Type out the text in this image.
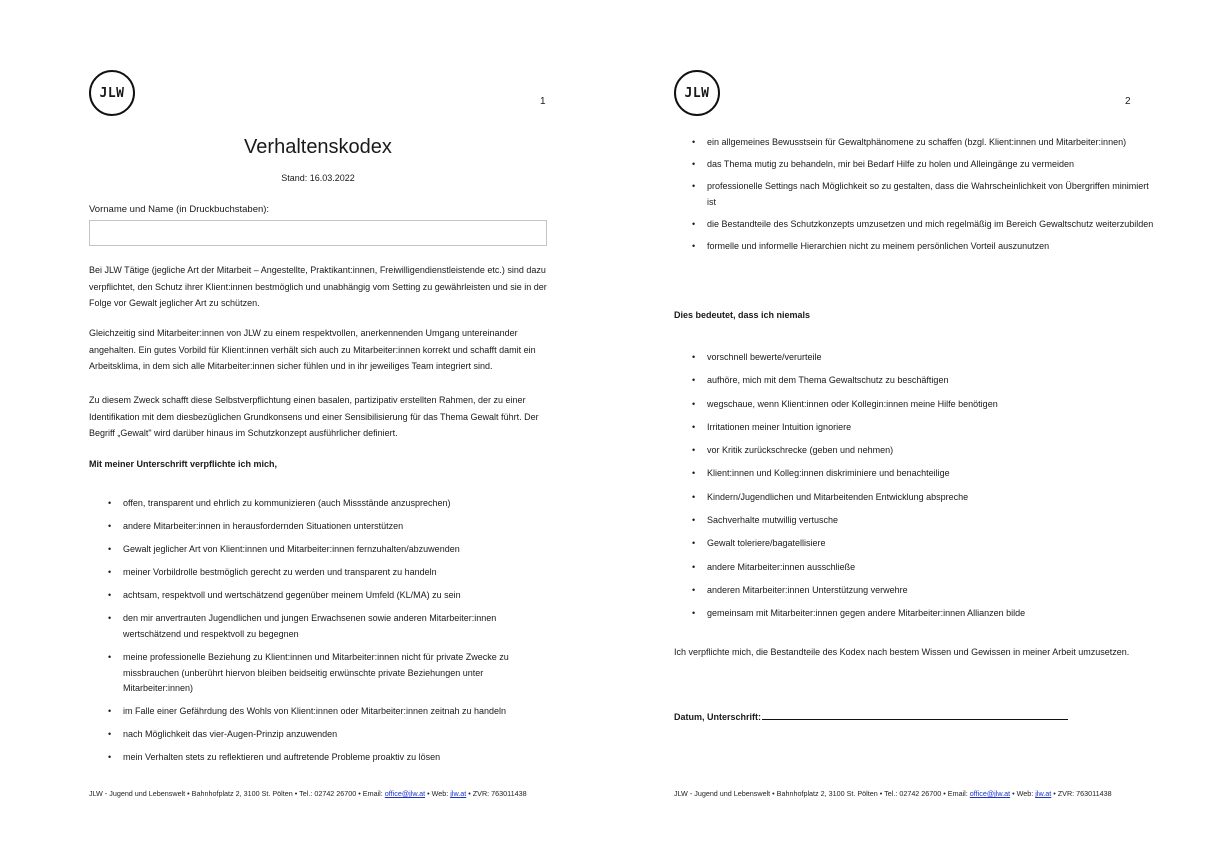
JLW
1
Verhaltenskodex
Stand: 16.03.2022
Vorname und Name (in Druckbuchstaben):

Bei JLW Tätige (jegliche Art der Mitarbeit – Angestellte, Praktikant:innen, Freiwilligendienstleistende etc.) sind dazu verpflichtet, den Schutz ihrer Klient:innen bestmöglich und unabhängig vom Setting zu gewährleisten und sie in der Folge vor Gewalt jeglicher Art zu schützen.

Gleichzeitig sind Mitarbeiter:innen von JLW zu einem respektvollen, anerkennenden Umgang untereinander angehalten. Ein gutes Vorbild für Klient:innen verhält sich auch zu Mitarbeiter:innen korrekt und schafft damit ein Arbeitsklima, in dem sich alle Mitarbeiter:innen sicher fühlen und in ihr jeweiliges Team integriert sind.

Zu diesem Zweck schafft diese Selbstverpflichtung einen basalen, partizipativ erstellten Rahmen, der zu einer Identifikation mit dem diesbezüglichen Grundkonsens und einer Sensibilisierung für das Thema Gewalt führt. Der Begriff „Gewalt" wird darüber hinaus im Schutzkonzept ausführlicher definiert.

Mit meiner Unterschrift verpflichte ich mich,
• offen, transparent und ehrlich zu kommunizieren (auch Missstände anzusprechen)
• andere Mitarbeiter:innen in herausfordernden Situationen unterstützen
• Gewalt jeglicher Art von Klient:innen und Mitarbeiter:innen fernzuhalten/abzuwenden
• meiner Vorbildrolle bestmöglich gerecht zu werden und transparent zu handeln
• achtsam, respektvoll und wertschätzend gegenüber meinem Umfeld (KL/MA) zu sein
• den mir anvertrauten Jugendlichen und jungen Erwachsenen sowie anderen Mitarbeiter:innen wertschätzend und respektvoll zu begegnen
• meine professionelle Beziehung zu Klient:innen und Mitarbeiter:innen nicht für private Zwecke zu missbrauchen (unberührt hiervon bleiben beidseitig erwünschte private Beziehungen unter Mitarbeiter:innen)
• im Falle einer Gefährdung des Wohls von Klient:innen oder Mitarbeiter:innen zeitnah zu handeln
• nach Möglichkeit das vier-Augen-Prinzip anzuwenden
• mein Verhalten stets zu reflektieren und auftretende Probleme proaktiv zu lösen
JLW - Jugend und Lebenswelt • Bahnhofplatz 2, 3100 St. Pölten • Tel.: 02742 26700 • Email: office@jlw.at • Web: jlw.at • ZVR: 763011438
JLW
2
• ein allgemeines Bewusstsein für Gewaltphänomene zu schaffen (bzgl. Klient:innen und Mitarbeiter:innen)
• das Thema mutig zu behandeln, mir bei Bedarf Hilfe zu holen und Alleingänge zu vermeiden
• professionelle Settings nach Möglichkeit so zu gestalten, dass die Wahrscheinlichkeit von Übergriffen minimiert ist
• die Bestandteile des Schutzkonzepts umzusetzen und mich regelmäßig im Bereich Gewaltschutz weiterzubilden
• formelle und informelle Hierarchien nicht zu meinem persönlichen Vorteil auszunutzen
Dies bedeutet, dass ich niemals
• vorschnell bewerte/verurteile
• aufhöre, mich mit dem Thema Gewaltschutz zu beschäftigen
• wegschaue, wenn Klient:innen oder Kollegin:innen meine Hilfe benötigen
• Irritationen meiner Intuition ignoriere
• vor Kritik zurückschrecke (geben und nehmen)
• Klient:innen und Kolleg:innen diskriminiere und benachteilige
• Kindern/Jugendlichen und Mitarbeitenden Entwicklung abspreche
• Sachverhalte mutwillig vertusche
• Gewalt toleriere/bagatellisiere
• andere Mitarbeiter:innen ausschließe
• anderen Mitarbeiter:innen Unterstützung verwehre
• gemeinsam mit Mitarbeiter:innen gegen andere Mitarbeiter:innen Allianzen bilde

Ich verpflichte mich, die Bestandteile des Kodex nach bestem Wissen und Gewissen in meiner Arbeit umzusetzen.

Datum, Unterschrift:
JLW - Jugend und Lebenswelt • Bahnhofplatz 2, 3100 St. Pölten • Tel.: 02742 26700 • Email: office@jlw.at • Web: jlw.at • ZVR: 763011438
